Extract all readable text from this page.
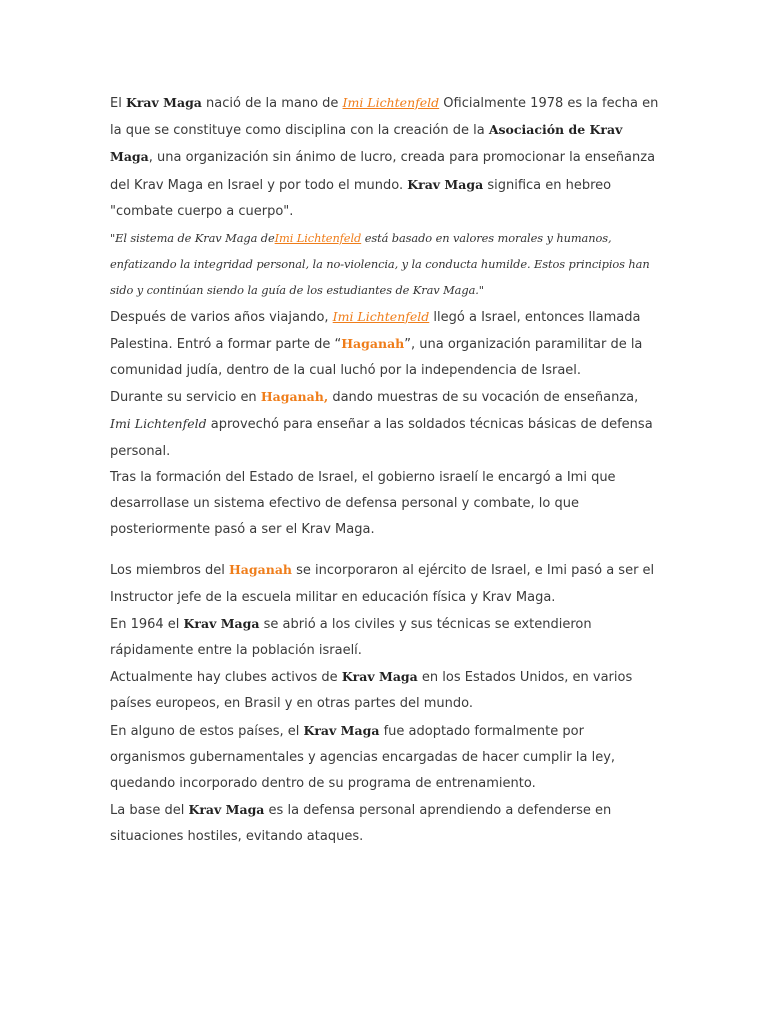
El Krav Maga nació de la mano de Imi Lichtenfeld Oficialmente 1978 es la fecha en la que se constituye como disciplina con la creación de la Asociación de Krav Maga, una organización sin ánimo de lucro, creada para promocionar la enseñanza del Krav Maga en Israel y por todo el mundo. Krav Maga significa en hebreo "combate cuerpo a cuerpo".

"El sistema de Krav Maga deImi Lichtenfeld está basado en valores morales y humanos, enfatizando la integridad personal, la no-violencia, y la conducta humilde. Estos principios han sido y continúan siendo la guía de los estudiantes de Krav Maga."

Después de varios años viajando, Imi Lichtenfeld llegó a Israel, entonces llamada Palestina. Entró a formar parte de “Haganah”, una organización paramilitar de la comunidad judía, dentro de la cual luchó por la independencia de Israel.

Durante su servicio en Haganah, dando muestras de su vocación de enseñanza, Imi Lichtenfeld aprovechó para enseñar a las soldados técnicas básicas de defensa personal.

Tras la formación del Estado de Israel, el gobierno israelí le encargó a Imi que desarrollase un sistema efectivo de defensa personal y combate, lo que posteriormente pasó a ser el Krav Maga.

Los miembros del Haganah se incorporaron al ejército de Israel, e Imi pasó a ser el Instructor jefe de la escuela militar en educación física y Krav Maga.

En 1964 el Krav Maga se abrió a los civiles y sus técnicas se extendieron rápidamente entre la población israelí.

Actualmente hay clubes activos de Krav Maga en los Estados Unidos, en varios países europeos, en Brasil y en otras partes del mundo.

En alguno de estos países, el Krav Maga fue adoptado formalmente por organismos gubernamentales y agencias encargadas de hacer cumplir la ley, quedando incorporado dentro de su programa de entrenamiento.

La base del Krav Maga es la defensa personal aprendiendo a defenderse en situaciones hostiles, evitando ataques.
